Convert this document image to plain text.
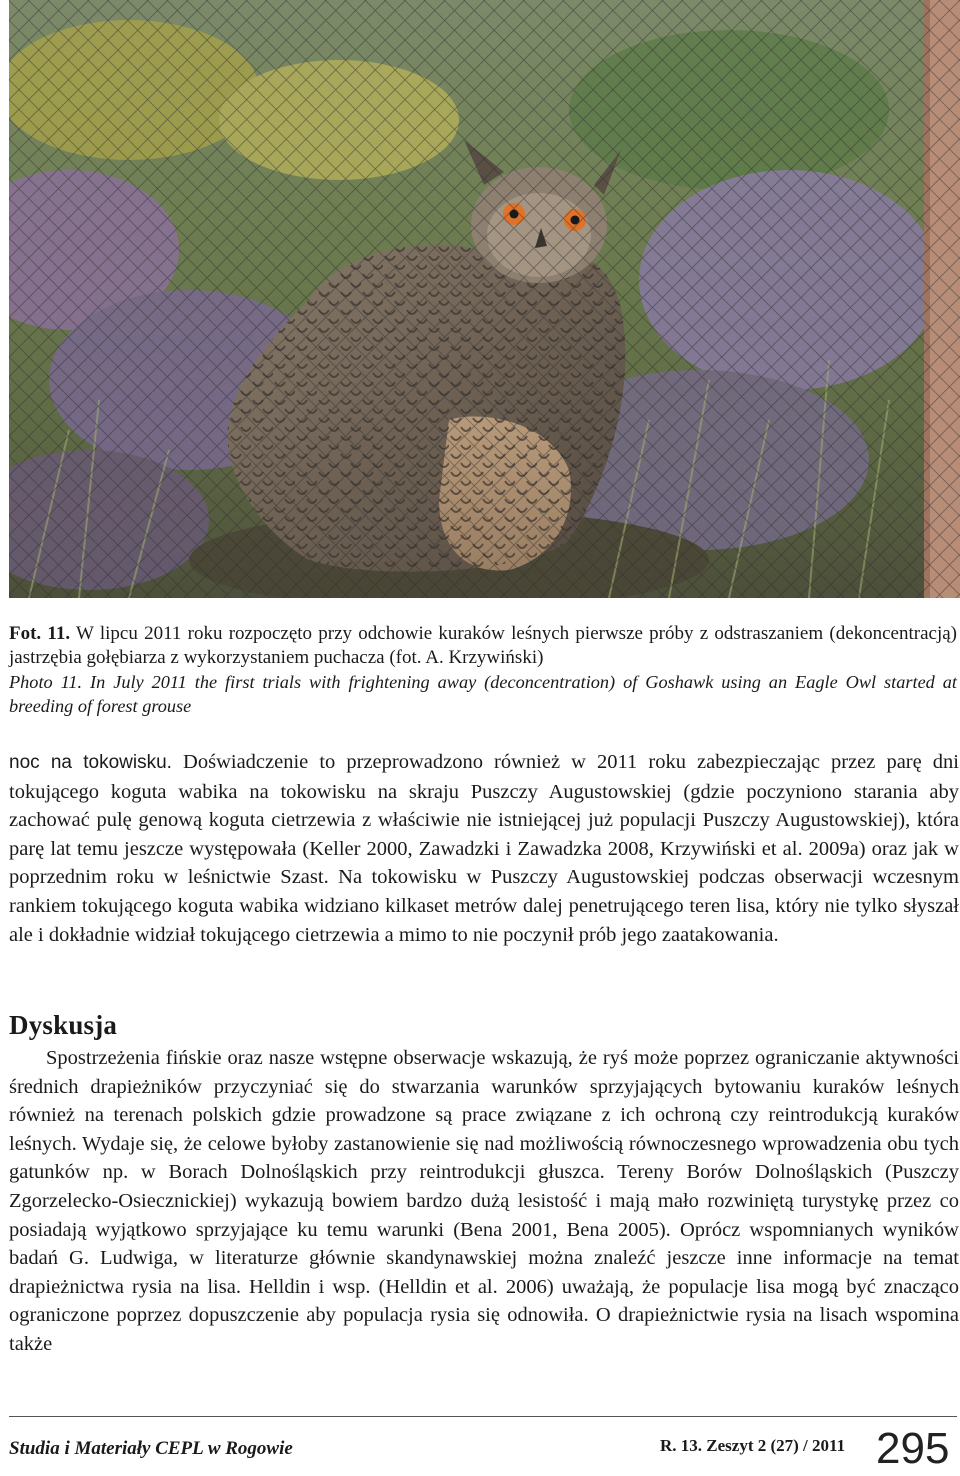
Fot. 11. W lipcu 2011 roku rozpoczęto przy odchowie kuraków leśnych pierwsze próby z odstraszaniem (dekoncentracją) jastrzębia gołębiarza z wykorzystaniem puchacza (fot. A. Krzywiński)
Photo 11. In July 2011 the first trials with frightening away (deconcentration) of Goshawk using an Eagle Owl started at breeding of forest grouse

noc na tokowisku. Doświadczenie to przeprowadzono również w 2011 roku zabezpieczając przez parę dni tokującego koguta wabika na tokowisku na skraju Puszczy Augustowskiej (gdzie poczyniono starania aby zachować pulę genową koguta cietrzewia z właściwie nie istniejącej już populacji Puszczy Augustowskiej), która parę lat temu jeszcze występowała (Keller 2000, Zawadzki i Zawadzka 2008, Krzywiński et al. 2009a) oraz jak w poprzednim roku w leśnictwie Szast. Na tokowisku w Puszczy Augustowskiej podczas obserwacji wczesnym rankiem tokującego koguta wabika widziano kilkaset metrów dalej penetrującego teren lisa, który nie tylko słyszał ale i dokładnie widział tokującego cietrzewia a mimo to nie poczynił prób jego zaatakowania.

Dyskusja

Spostrzeżenia fińskie oraz nasze wstępne obserwacje wskazują, że ryś może poprzez ograniczanie aktywności średnich drapieżników przyczyniać się do stwarzania warunków sprzyjających bytowaniu kuraków leśnych również na terenach polskich gdzie prowadzone są prace związane z ich ochroną czy reintrodukcją kuraków leśnych. Wydaje się, że celowe byłoby zastanowienie się nad możliwością równoczesnego wprowadzenia obu tych gatunków np. w Borach Dolnośląskich przy reintrodukcji głuszca. Tereny Borów Dolnośląskich (Puszczy Zgorzelecko-Osiecznickiej) wykazują bowiem bardzo dużą lesistość i mają mało rozwiniętą turystykę przez co posiadają wyjątkowo sprzyjające ku temu warunki (Bena 2001, Bena 2005). Oprócz wspomnianych wyników badań G. Ludwiga, w literaturze głównie skandynawskiej można znaleźć jeszcze inne informacje na temat drapieżnictwa rysia na lisa. Helldin i wsp. (Helldin et al. 2006) uważają, że populacje lisa mogą być znacząco ograniczone poprzez dopuszczenie aby populacja rysia się odnowiła. O drapieżnictwie rysia na lisach wspomina także

Studia i Materiały CEPL w Rogowie	R. 13. Zeszyt 2 (27) / 2011 295
